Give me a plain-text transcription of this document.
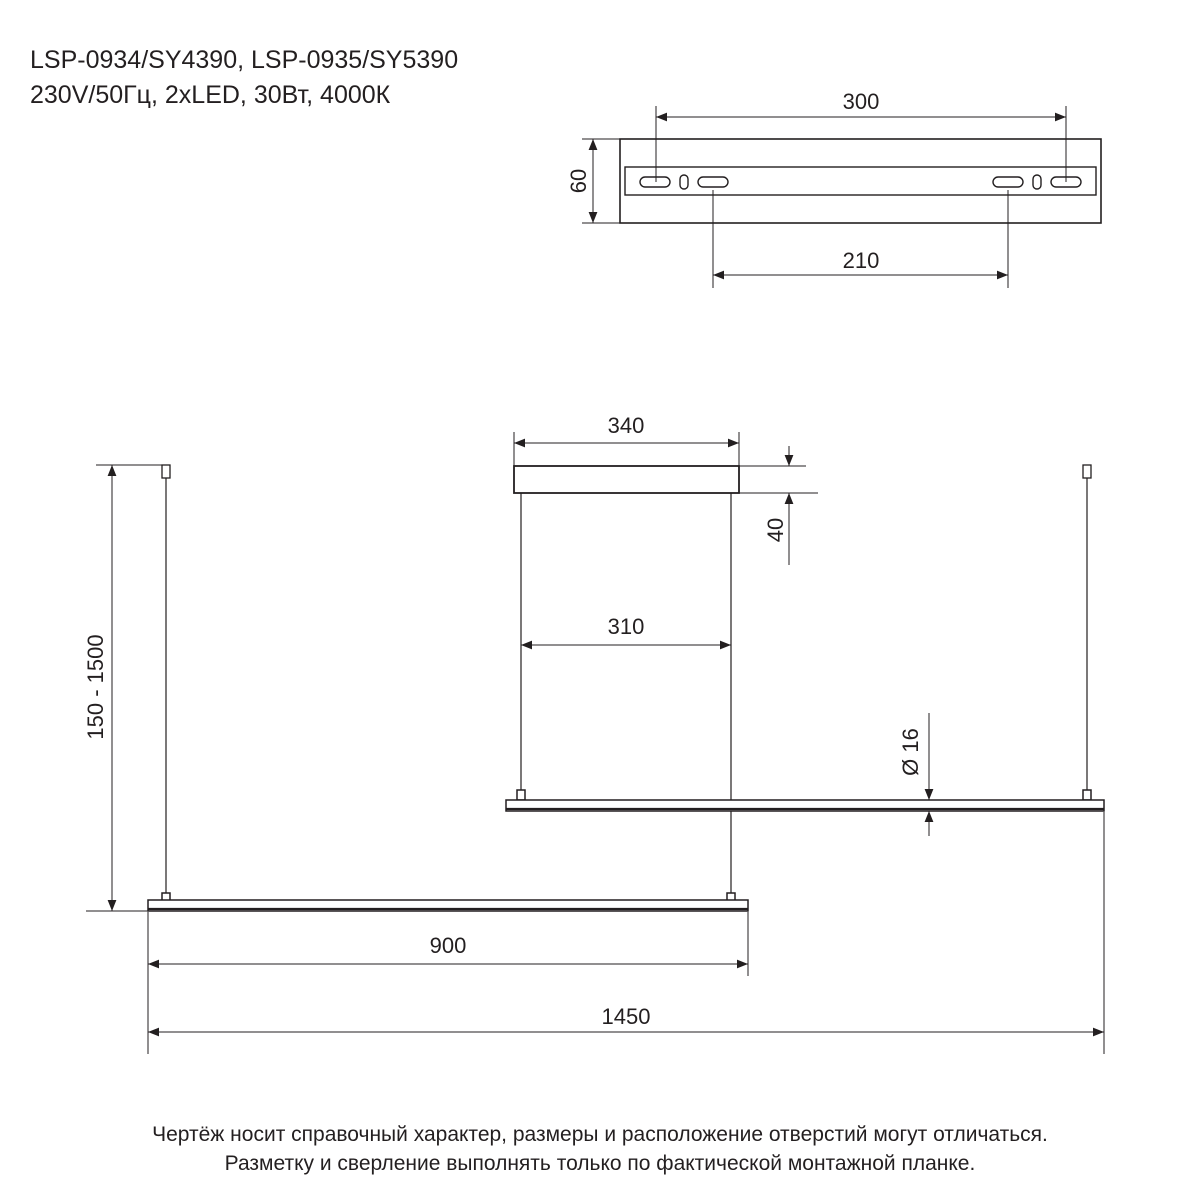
LSP-0934/SY4390, LSP-0935/SY5390
230V/50Гц, 2xLED, 30Вт, 4000К	300
60
210
340
40
310
Ø 16
150 - 1500
900
1450
Чертёж носит справочный характер, размеры и расположение отверстий могут отличаться.
Разметку и сверление выполнять только по фактической монтажной планке.
